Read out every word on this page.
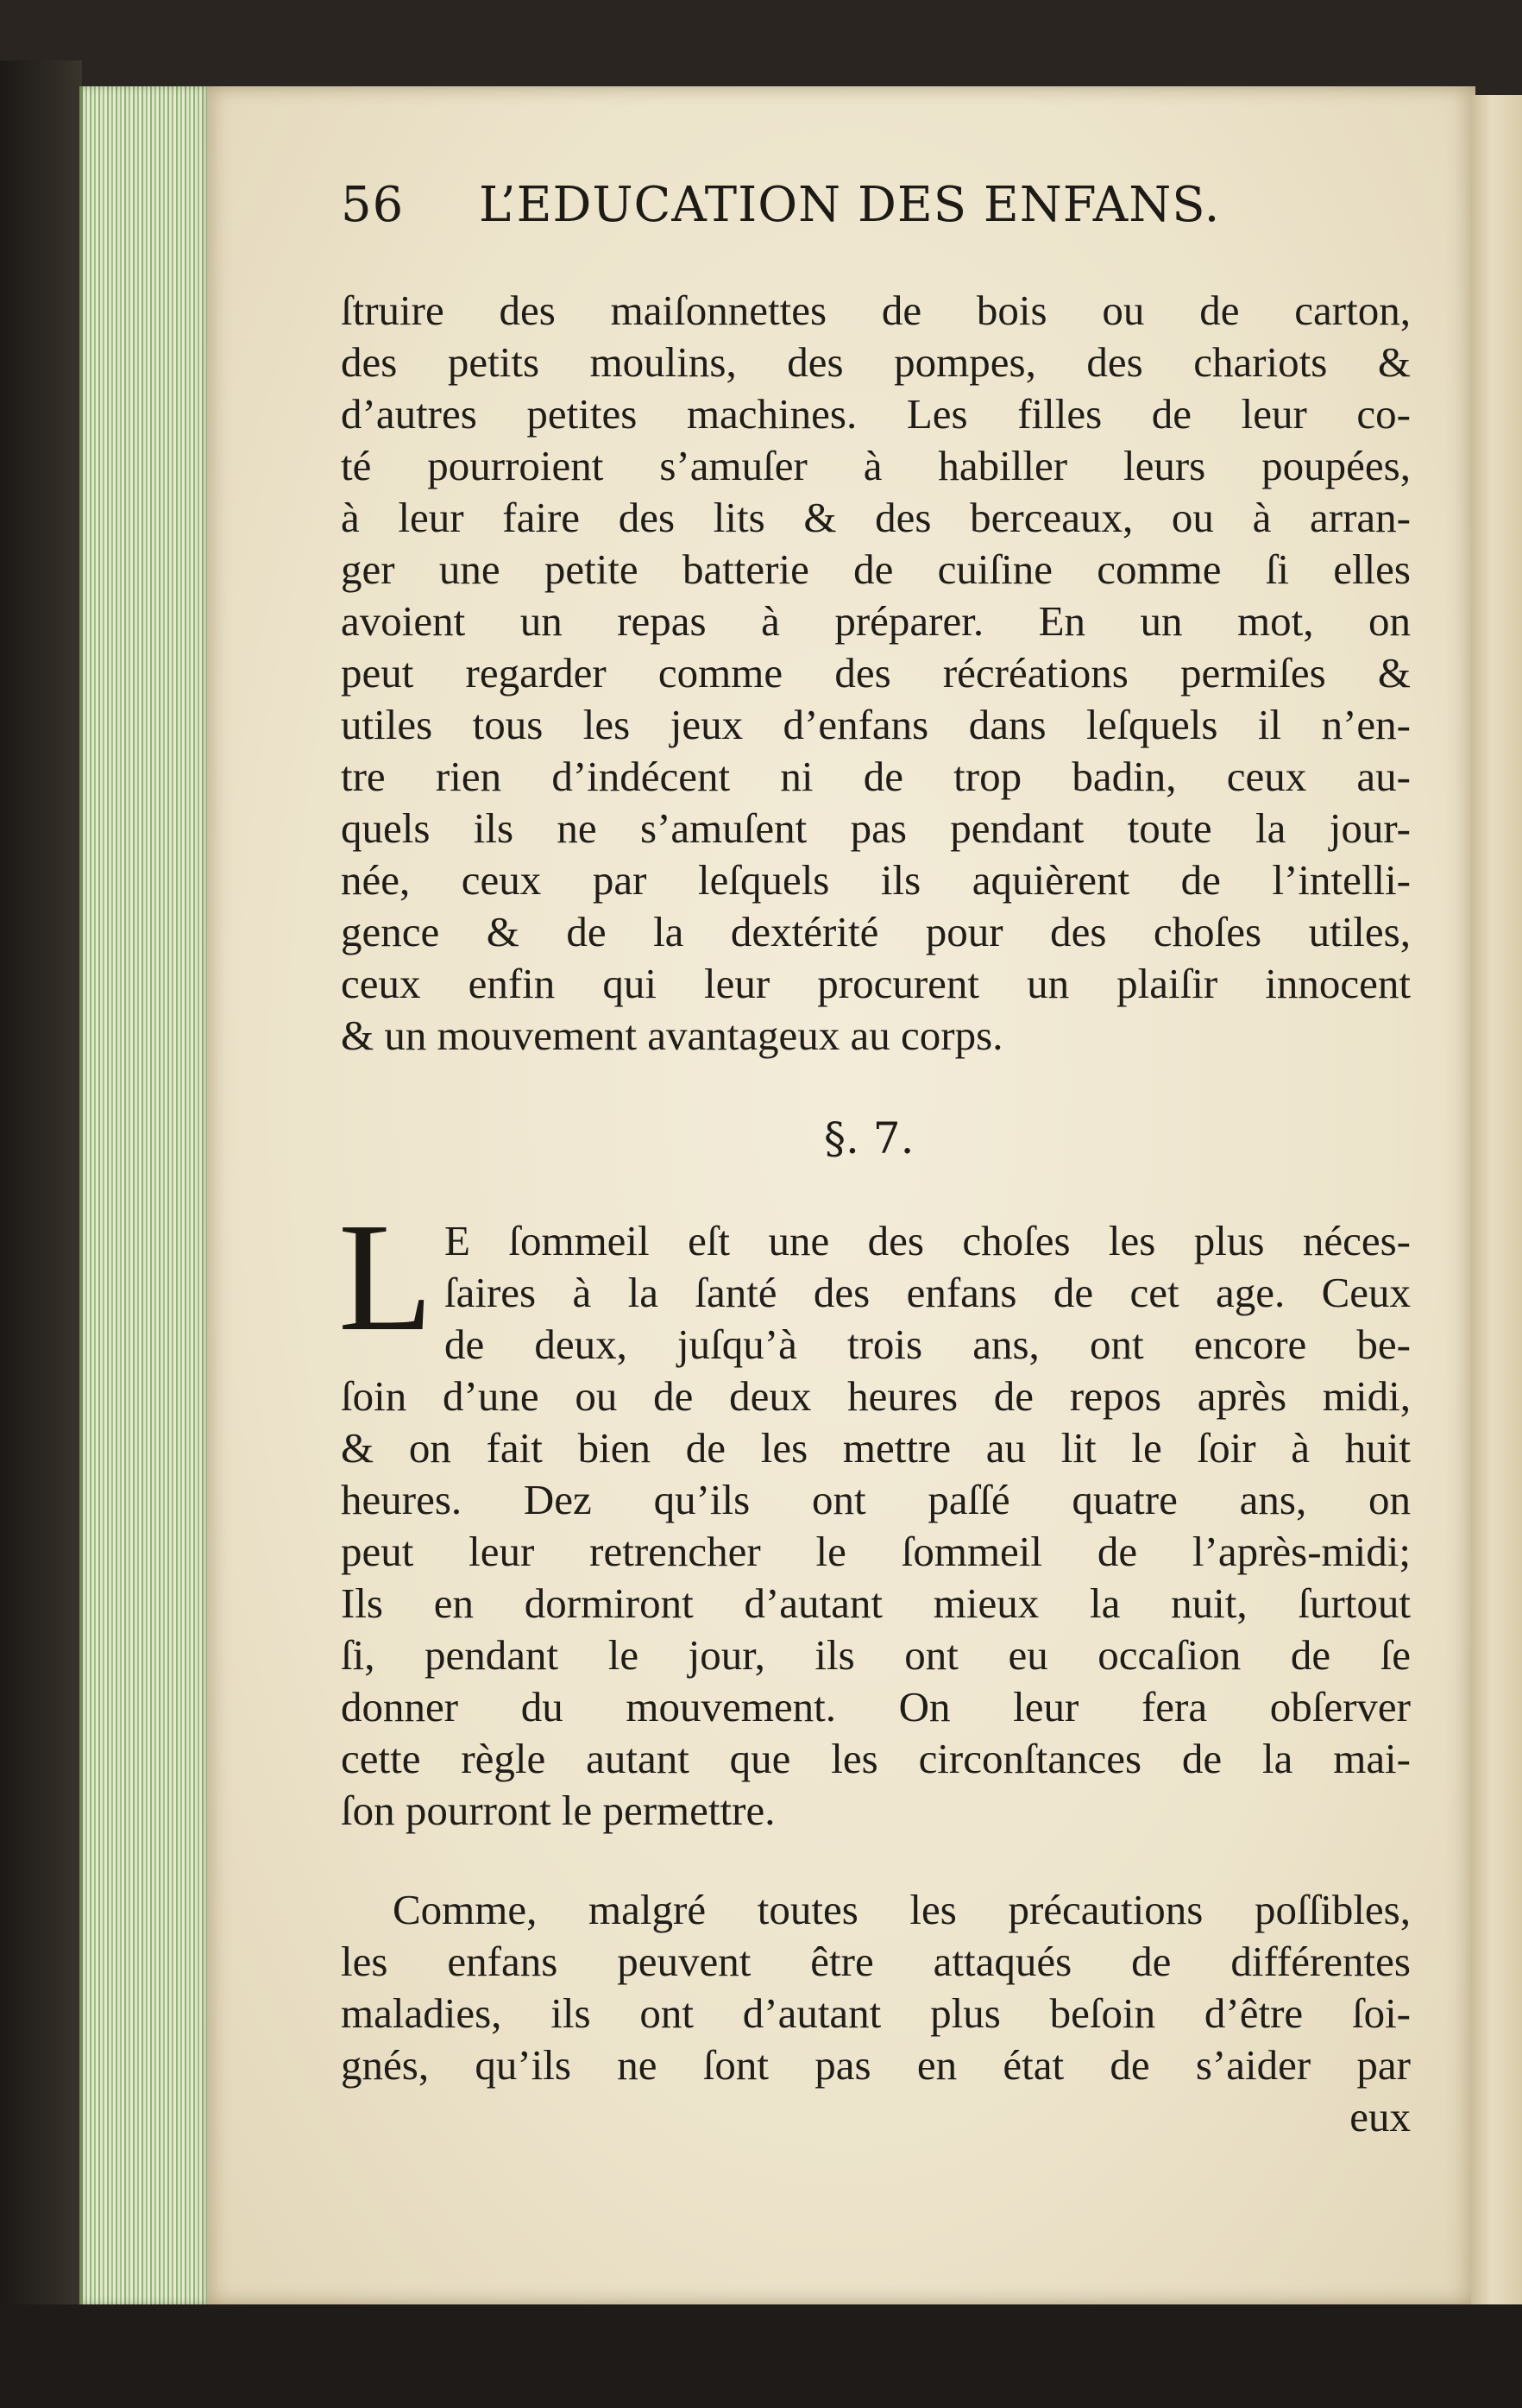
56 L’EDUCATION DES ENFANS.
ſtruire des maiſonnettes de bois ou de carton,
des petits moulins, des pompes, des chariots &
d’autres petites machines. Les filles de leur co-
té pourroient s’amuſer à habiller leurs poupées,
à leur faire des lits & des berceaux, ou à arran-
ger une petite batterie de cuiſine comme ſi elles
avoient un repas à préparer. En un mot, on
peut regarder comme des récréations permiſes &
utiles tous les jeux d’enfans dans leſquels il n’en-
tre rien d’indécent ni de trop badin, ceux au-
quels ils ne s’amuſent pas pendant toute la jour-
née, ceux par leſquels ils aquièrent de l’intelli-
gence & de la dextérité pour des choſes utiles,
ceux enfin qui leur procurent un plaiſir innocent
& un mouvement avantageux au corps.
§. 7.
L E ſommeil eſt une des choſes les plus néces-
ſaires à la ſanté des enfans de cet age. Ceux
de deux, juſqu’à trois ans, ont encore be-
ſoin d’une ou de deux heures de repos après midi,
& on fait bien de les mettre au lit le ſoir à huit
heures. Dez qu’ils ont paſſé quatre ans, on
peut leur retrencher le ſommeil de l’après-midi;
Ils en dormiront d’autant mieux la nuit, ſurtout
ſi, pendant le jour, ils ont eu occaſion de ſe
donner du mouvement. On leur fera obſerver
cette règle autant que les circonſtances de la mai-
ſon pourront le permettre.
Comme, malgré toutes les précautions poſſibles,
les enfans peuvent être attaqués de différentes
maladies, ils ont d’autant plus beſoin d’être ſoi-
gnés, qu’ils ne ſont pas en état de s’aider par
eux
